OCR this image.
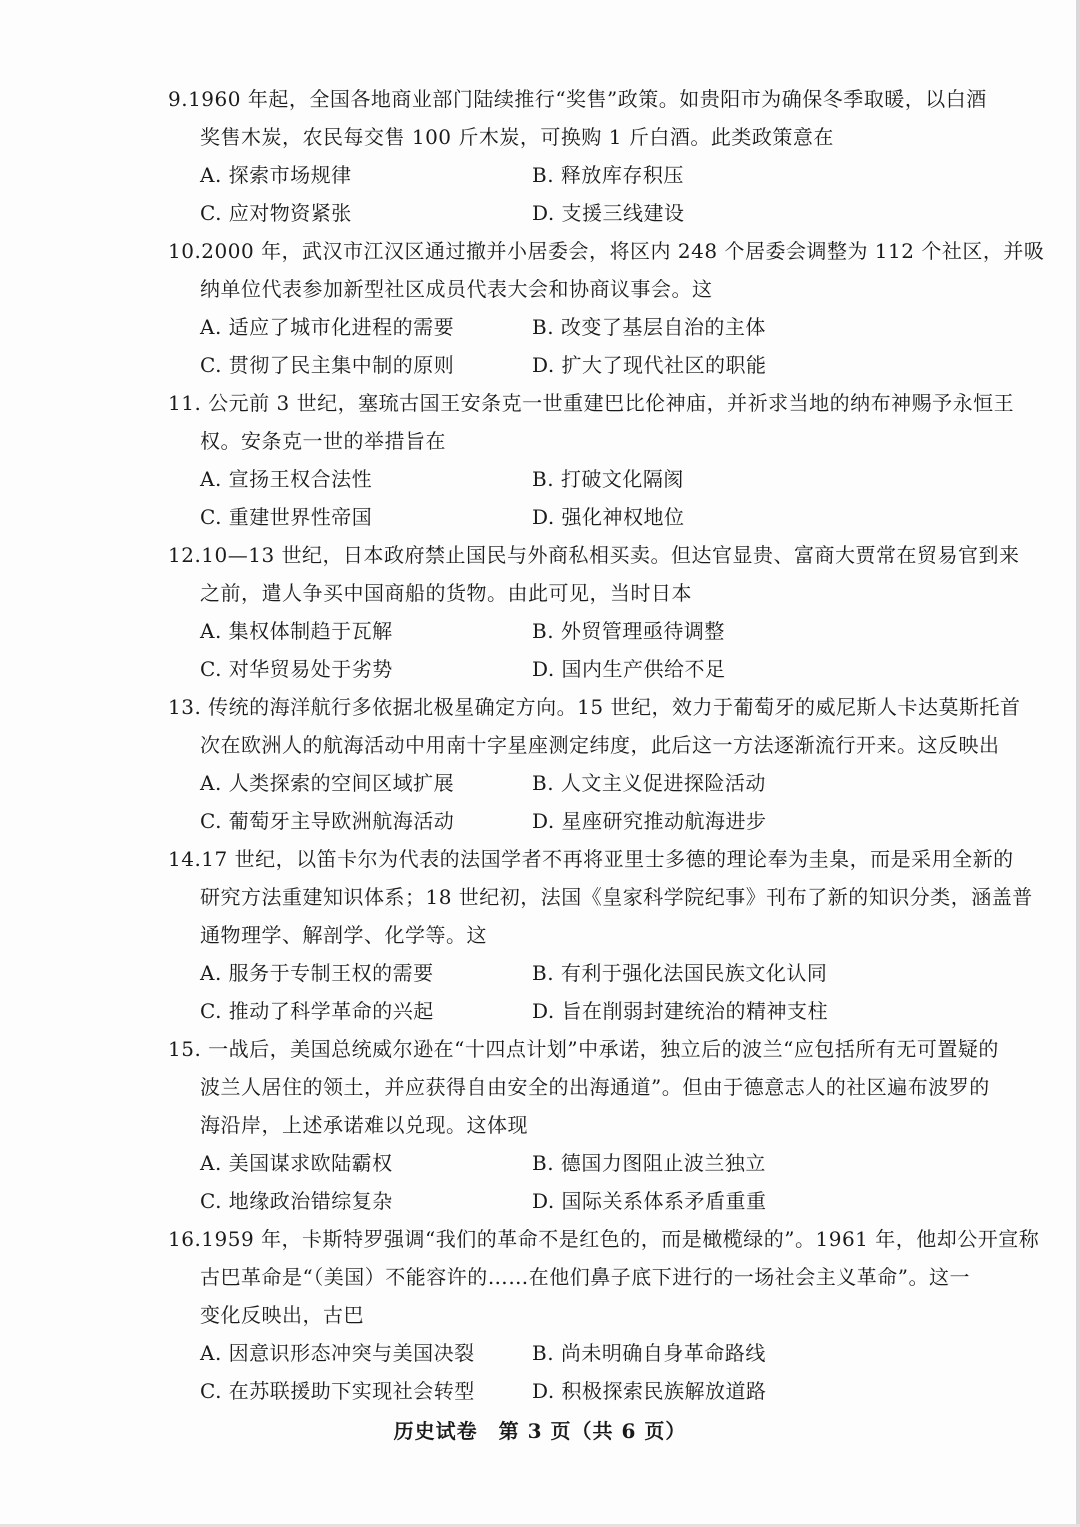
9.1960 年起，全国各地商业部门陆续推行“奖售”政策。如贵阳市为确保冬季取暖，以白酒
奖售木炭，农民每交售 100 斤木炭，可换购 1 斤白酒。此类政策意在
A. 探索市场规律	B. 释放库存积压
C. 应对物资紧张	D. 支援三线建设
10.2000 年，武汉市江汉区通过撤并小居委会，将区内 248 个居委会调整为 112 个社区，并吸
纳单位代表参加新型社区成员代表大会和协商议事会。这
A. 适应了城市化进程的需要	B. 改变了基层自治的主体
C. 贯彻了民主集中制的原则	D. 扩大了现代社区的职能
11. 公元前 3 世纪，塞琉古国王安条克一世重建巴比伦神庙，并祈求当地的纳布神赐予永恒王
权。安条克一世的举措旨在
A. 宣扬王权合法性	B. 打破文化隔阂
C. 重建世界性帝国	D. 强化神权地位
12.10—13 世纪，日本政府禁止国民与外商私相买卖。但达官显贵、富商大贾常在贸易官到来
之前，遣人争买中国商船的货物。由此可见，当时日本
A. 集权体制趋于瓦解	B. 外贸管理亟待调整
C. 对华贸易处于劣势	D. 国内生产供给不足
13. 传统的海洋航行多依据北极星确定方向。15 世纪，效力于葡萄牙的威尼斯人卡达莫斯托首
次在欧洲人的航海活动中用南十字星座测定纬度，此后这一方法逐渐流行开来。这反映出
A. 人类探索的空间区域扩展	B. 人文主义促进探险活动
C. 葡萄牙主导欧洲航海活动	D. 星座研究推动航海进步
14.17 世纪，以笛卡尔为代表的法国学者不再将亚里士多德的理论奉为圭臬，而是采用全新的
研究方法重建知识体系；18 世纪初，法国《皇家科学院纪事》刊布了新的知识分类，涵盖普
通物理学、解剖学、化学等。这
A. 服务于专制王权的需要	B. 有利于强化法国民族文化认同
C. 推动了科学革命的兴起	D. 旨在削弱封建统治的精神支柱
15. 一战后，美国总统威尔逊在“十四点计划”中承诺，独立后的波兰“应包括所有无可置疑的
波兰人居住的领土，并应获得自由安全的出海通道”。但由于德意志人的社区遍布波罗的
海沿岸，上述承诺难以兑现。这体现
A. 美国谋求欧陆霸权	B. 德国力图阻止波兰独立
C. 地缘政治错综复杂	D. 国际关系体系矛盾重重
16.1959 年，卡斯特罗强调“我们的革命不是红色的，而是橄榄绿的”。1961 年，他却公开宣称
古巴革命是“（美国）不能容许的……在他们鼻子底下进行的一场社会主义革命”。这一
变化反映出，古巴
A. 因意识形态冲突与美国决裂	B. 尚未明确自身革命路线
C. 在苏联援助下实现社会转型	D. 积极探索民族解放道路
历史试卷　第 3 页（共 6 页）
